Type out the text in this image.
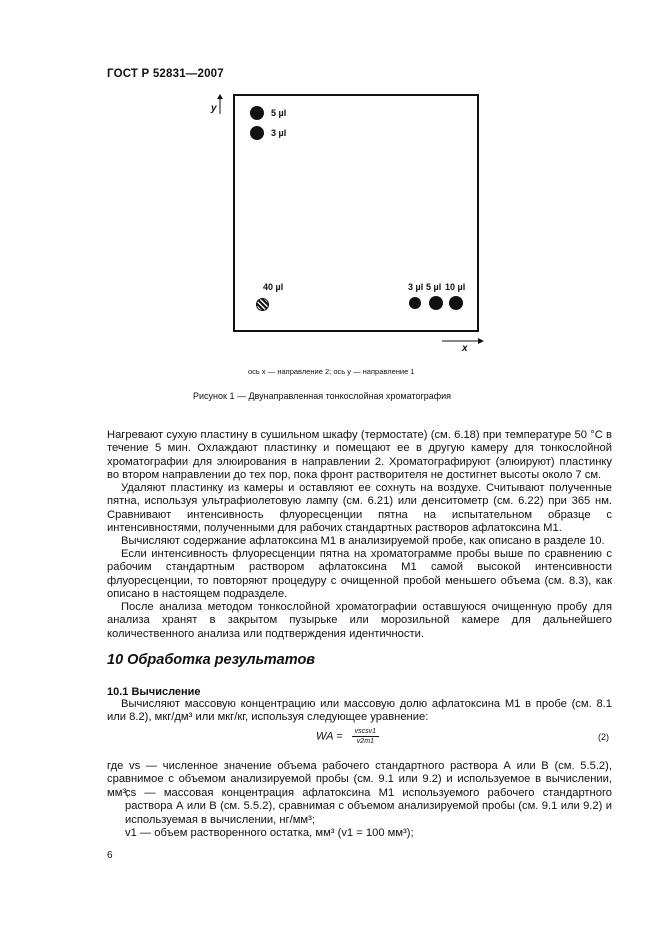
ГОСТ Р 52831—2007
y	5 µl
3 µl
40 µl	3 µl 5 µl 10 µl
x
ось x — направление 2; ось y — направление 1
Рисунок 1 — Двунаправленная тонкослойная хроматография
Нагревают сухую пластину в сушильном шкафу (термостате) (см. 6.18) при температуре 50 °С в течение 5 мин. Охлаждают пластинку и помещают ее в другую камеру для тонкослойной хроматографии для элюирования в направлении 2. Хроматографируют (элюируют) пластинку во втором направлении до тех пор, пока фронт растворителя не достигнет высоты около 7 см.
Удаляют пластинку из камеры и оставляют ее сохнуть на воздухе. Считывают полученные пятна, используя ультрафиолетовую лампу (см. 6.21) или денситометр (см. 6.22) при 365 нм. Сравнивают интенсивность флуоресценции пятна на испытательном образце с интенсивностями, полученными для рабочих стандартных растворов афлатоксина М1.
Вычисляют содержание афлатоксина М1 в анализируемой пробе, как описано в разделе 10.
Если интенсивность флуоресценции пятна на хроматограмме пробы выше по сравнению с рабочим стандартным раствором афлатоксина М1 самой высокой интенсивности флуоресценции, то повторяют процедуру с очищенной пробой меньшего объема (см. 8.3), как описано в настоящем подразделе.
После анализа методом тонкослойной хроматографии оставшуюся очищенную пробу для анализа хранят в закрытом пузырьке или морозильной камере для дальнейшего количественного анализа или подтверждения идентичности.
10 Обработка результатов
10.1 Вычисление
Вычисляют массовую концентрацию или массовую долю афлатоксина М1 в пробе (см. 8.1 или 8.2), мкг/дм³ или мкг/кг, используя следующее уравнение:
WA = $\frac{\text{vscsv1}}{v2m1}$	(2)
где vs — численное значение объема рабочего стандартного раствора А или В (см. 5.5.2), сравнимое с объемом анализируемой пробы (см. 9.1 или 9.2) и используемое в вычислении, мм³;
cs — массовая концентрация афлатоксина М1 используемого рабочего стандартного раствора А или В (см. 5.5.2), сравнимая с объемом анализируемой пробы (см. 9.1 или 9.2) и используемая в вычислении, нг/мм³;
v1 — объем растворенного остатка, мм³ (v1 = 100 мм³);
6
